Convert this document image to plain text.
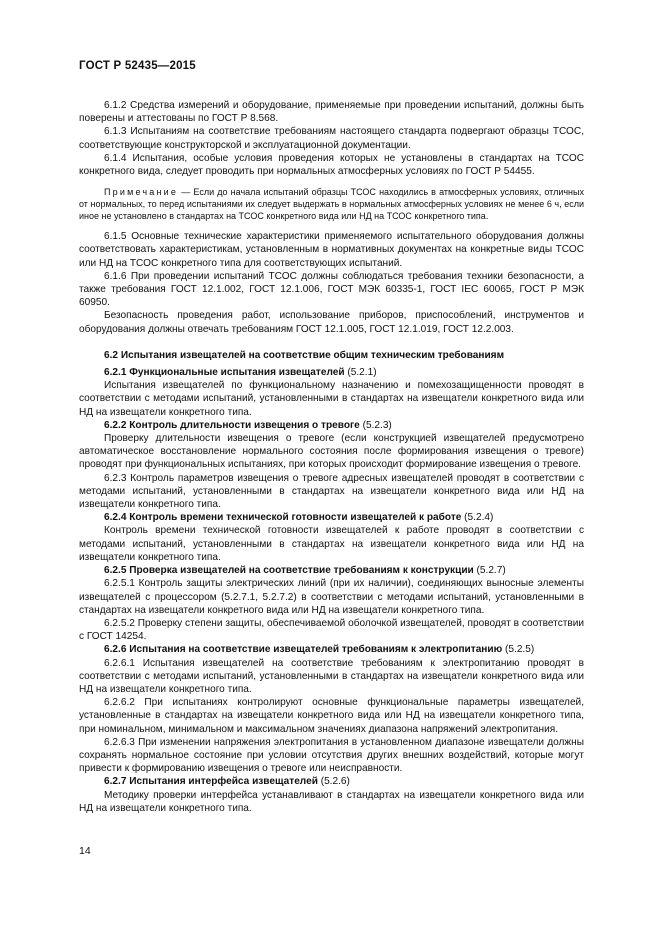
ГОСТ Р 52435—2015

6.1.2 Средства измерений и оборудование, применяемые при проведении испытаний, должны быть поверены и аттестованы по ГОСТ Р 8.568.

6.1.3 Испытаниям на соответствие требованиям настоящего стандарта подвергают образцы ТСОС, соответствующие конструкторской и эксплуатационной документации.

6.1.4 Испытания, особые условия проведения которых не установлены в стандартах на ТСОС конкретного вида, следует проводить при нормальных атмосферных условиях по ГОСТ Р 54455.

Примечание — Если до начала испытаний образцы ТСОС находились в атмосферных условиях, отличных от нормальных, то перед испытаниями их следует выдержать в нормальных атмосферных условиях не менее 6 ч, если иное не установлено в стандартах на ТСОС конкретного вида или НД на ТСОС конкретного типа.

6.1.5 Основные технические характеристики применяемого испытательного оборудования должны соответствовать характеристикам, установленным в нормативных документах на конкретные виды ТСОС или НД на ТСОС конкретного типа для соответствующих испытаний.

6.1.6 При проведении испытаний ТСОС должны соблюдаться требования техники безопасности, а также требования ГОСТ 12.1.002, ГОСТ 12.1.006, ГОСТ МЭК 60335-1, ГОСТ IEC 60065, ГОСТ Р МЭК 60950.

Безопасность проведения работ, использование приборов, приспособлений, инструментов и оборудования должны отвечать требованиям ГОСТ 12.1.005, ГОСТ 12.1.019, ГОСТ 12.2.003.

6.2 Испытания извещателей на соответствие общим техническим требованиям

6.2.1 Функциональные испытания извещателей (5.2.1)

Испытания извещателей по функциональному назначению и помехозащищенности проводят в соответствии с методами испытаний, установленными в стандартах на извещатели конкретного вида или НД на извещатели конкретного типа.

6.2.2 Контроль длительности извещения о тревоге (5.2.3)

Проверку длительности извещения о тревоге (если конструкцией извещателей предусмотрено автоматическое восстановление нормального состояния после формирования извещения о тревоге) проводят при функциональных испытаниях, при которых происходит формирование извещения о тревоге.

6.2.3 Контроль параметров извещения о тревоге адресных извещателей проводят в соответствии с методами испытаний, установленными в стандартах на извещатели конкретного вида или НД на извещатели конкретного типа.

6.2.4 Контроль времени технической готовности извещателей к работе (5.2.4)

Контроль времени технической готовности извещателей к работе проводят в соответствии с методами испытаний, установленными в стандартах на извещатели конкретного вида или НД на извещатели конкретного типа.

6.2.5 Проверка извещателей на соответствие требованиям к конструкции (5.2.7)

6.2.5.1 Контроль защиты электрических линий (при их наличии), соединяющих выносные элементы извещателей с процессором (5.2.7.1, 5.2.7.2) в соответствии с методами испытаний, установленными в стандартах на извещатели конкретного вида или НД на извещатели конкретного типа.

6.2.5.2 Проверку степени защиты, обеспечиваемой оболочкой извещателей, проводят в соответствии с ГОСТ 14254.

6.2.6 Испытания на соответствие извещателей требованиям к электропитанию (5.2.5)

6.2.6.1 Испытания извещателей на соответствие требованиям к электропитанию проводят в соответствии с методами испытаний, установленными в стандартах на извещатели конкретного вида или НД на извещатели конкретного типа.

6.2.6.2 При испытаниях контролируют основные функциональные параметры извещателей, установленные в стандартах на извещатели конкретного вида или НД на извещатели конкретного типа, при номинальном, минимальном и максимальном значениях диапазона напряжений электропитания.

6.2.6.3 При изменении напряжения электропитания в установленном диапазоне извещатели должны сохранять нормальное состояние при условии отсутствия других внешних воздействий, которые могут привести к формированию извещения о тревоге или неисправности.

6.2.7 Испытания интерфейса извещателей (5.2.6)

Методику проверки интерфейса устанавливают в стандартах на извещатели конкретного вида или НД на извещатели конкретного типа.

14
